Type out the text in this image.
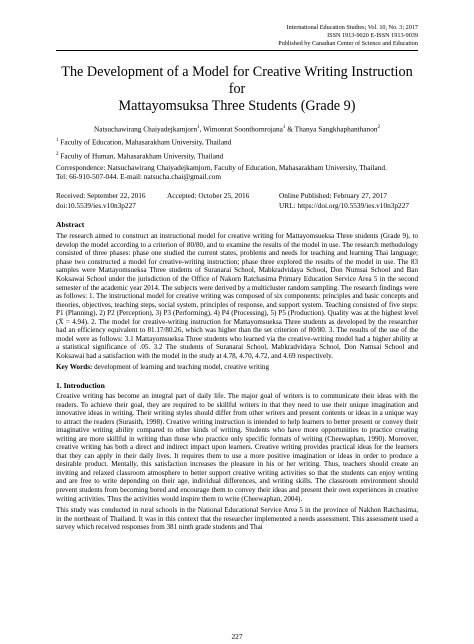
International Education Studies; Vol. 10, No. 3; 2017
ISSN 1913-9020 E-ISSN 1913-9039
Published by Canadian Center of Science and Education
The Development of a Model for Creative Writing Instruction for
Mattayomsuksa Three Students (Grade 9)
Natsuchawirang Chaiyadejkamjorn$^1$, Wimonrat Soonthornrojana$^1$ & Thanya Sangkhaphanthanon$^2$
$^1$ Faculty of Education, Mahasarakham University, Thailand
$^2$ Faculty of Human, Mahasarakham University, Thailand
Correspondence: Natsuchawirang Chaiyadejkamjorn, Faculty of Education, Mahasarakham University, Thailand.
Tel: 66-910-507-044. E-mail: natsucha.chai@gmail.com
Received: September 22, 2016	Accepted: October 25, 2016	Online Published: February 27, 2017
doi:10.5539/ies.v10n3p227	URL: https://doi.org/10.5539/ies.v10n3p227
Abstract
The research aimed to construct an instructional model for creative writing for Mattayomsueksa Three students (Grade 9), to develop the model according to a criterion of 80/80, and to examine the results of the model in use. The research methodology consisted of three phases: phase one studied the current states, problems and needs for teaching and learning Thai language; phase two constructed a model for creative-writing instruction; phase three explored the results of the model in use. The 83 samples were Mattayomsueksa Three students of Suranarai School, Mabkradvidaya School, Don Numsai School and Ban Koksawai School under the jurisdiction of the Office of Nakorn Ratchasima Primary Education Service Area 5 in the second semester of the academic year 2014. The subjects were derived by a multicluster random sampling. The research findings were as follows: 1. The instructional model for creative writing was composed of six components: principles and basic concepts and theories, objectives, teaching steps, social system, principles of response, and support system. Teaching consisted of five steps: P1 (Planning), 2) P2 (Perception), 3) P3 (Performing), 4) P4 (Processing), 5) P5 (Production). Quality was at the highest level (X̄ = 4.94). 2. The model for creative-writing instruction for Mattayomsueksa Three students as developed by the researcher had an efficiency equivalent to 81.17/80.26, which was higher than the set criterion of 80/80. 3. The results of the use of the model were as follows: 3.1 Mattayomsueksa Three students who learned via the creative-writing model had a higher ability at a statistical significance of .05. 3.2 The students of Suranarai School, Mabkradvidaya School, Don Namsai School and Koksawai had a satisfaction with the model in the study at 4.78, 4.70, 4.72, and 4.69 respectively.
Key Words: development of learning and teaching model, creative writing
1. Introduction
Creative writing has become an integral part of daily life. The major goal of writers is to communicate their ideas with the readers. To achieve their goal, they are required to be skillful writers in that they need to use their unique imagination and innovative ideas in writing. Their writing styles should differ from other writers and present contents or ideas in a unique way to attract the readers (Surasith, 1998). Creative writing instruction is intended to help learners to better present or convey their imaginative writing ability compared to other kinds of writing. Students who have more opportunities to practice creating writing are more skillful in writing than those who practice only specific formats of writing (Cheewaphan, 1990). Moreover, creative writing has both a direct and indirect impact upon learners. Creative writing provides practical ideas for the learners that they can apply in their daily lives. It requires them to use a more positive imagination or ideas in order to produce a desirable product. Mentally, this satisfaction increases the pleasure in his or her writing. Thus, teachers should create an inviting and relaxed classroom atmosphere to better support creative writing activities so that the students can enjoy writing and are free to write depending on their age, individual differences, and writing skills. The classroom environment should prevent students from becoming bored and encourage them to convey their ideas and present their own experiences in creative writing activities. Thus the activities would inspire them to write (Cheewaphan, 2004).
This study was conducted in rural schools in the National Educational Service Area 5 in the province of Nakhon Ratchasima, in the northeast of Thailand. It was in this context that the researcher implemented a needs assessment. This assessment used a survey which received responses from 381 ninth grade students and Thai
227
